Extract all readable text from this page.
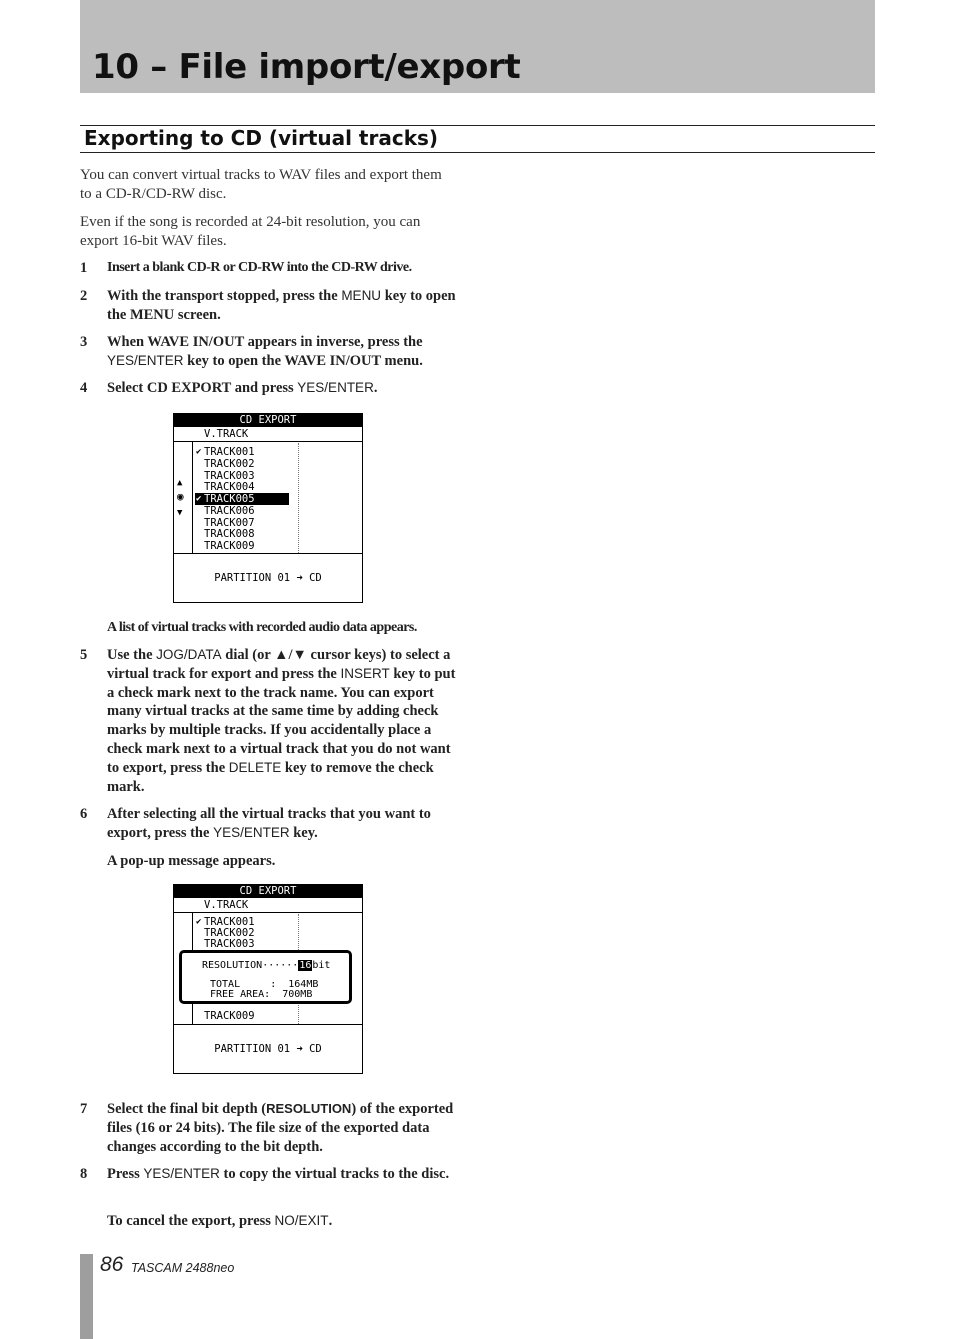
10 – File import/export
Exporting to CD (virtual tracks)

You can convert virtual tracks to WAV files and export them to a CD-R/CD-RW disc.

Even if the song is recorded at 24-bit resolution, you can export 16-bit WAV files.

1	Insert a blank CD-R or CD-RW into the CD-RW drive.
2	With the transport stopped, press the MENU key to open the MENU screen.
3	When WAVE IN/OUT appears in inverse, press the YES/ENTER key to open the WAVE IN/OUT menu.
4	Select CD EXPORT and press YES/ENTER.
CD EXPORT
V.TRACK
▲
◉
▼
✔ TRACK001
TRACK002
TRACK003
TRACK004
TRACK005
✔
TRACK006
TRACK007
TRACK008
TRACK009
PARTITION 01 ➜ CD
A list of virtual tracks with recorded audio data appears.
5	Use the JOG/DATA dial (or ▲/▼ cursor keys) to select a virtual track for export and press the INSERT key to put a check mark next to the track name. You can export many virtual tracks at the same time by adding check marks by multiple tracks. If you accidentally place a check mark next to a virtual track that you do not want to export, press the DELETE key to remove the check mark.
6	After selecting all the virtual tracks that you want to export, press the YES/ENTER key.
A pop-up message appears.
CD EXPORT
V.TRACK
✔ TRACK001
TRACK002
TRACK003
RESOLUTION······16bit
TOTAL     :  164MB
FREE AREA:  700MB
TRACK009
PARTITION 01 ➜ CD
7	Select the final bit depth (RESOLUTION) of the exported files (16 or 24 bits). The file size of the exported data changes according to the bit depth.
8	Press YES/ENTER to copy the virtual tracks to the disc.
To cancel the export, press NO/EXIT.
86 TASCAM 2488neo
